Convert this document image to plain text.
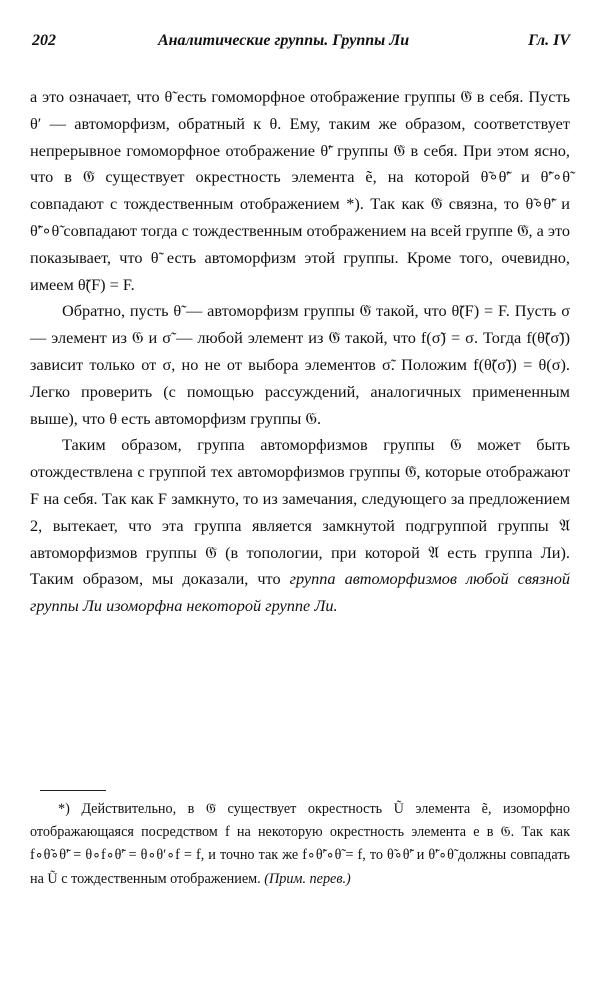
202	Аналитические группы. Группы Ли	Гл. IV

а это означает, что θ̃ есть гомоморфное отображение группы 𝔊̃ в себя. Пусть θ′ — автоморфизм, обратный к θ. Ему, таким же образом, соответствует непрерывное гомоморфное отображение θ̃′ группы 𝔊̃ в себя. При этом ясно, что в 𝔊̃ существует окрестность элемента ẽ, на которой θ̃∘θ̃′ и θ̃′∘θ̃ совпадают с тождественным отображением *). Так как 𝔊̃ связна, то θ̃∘θ̃′ и θ̃′∘θ̃ совпадают тогда с тождественным отображением на всей группе 𝔊̃, а это показывает, что θ̃ есть автоморфизм этой группы. Кроме того, очевидно, имеем θ̃(F) = F.

Обратно, пусть θ̃ — автоморфизм группы 𝔊̃ такой, что θ̃(F) = F. Пусть σ — элемент из 𝔊 и σ̃ — любой элемент из 𝔊̃ такой, что f(σ̃) = σ. Тогда f(θ̃(σ̃)) зависит только от σ, но не от выбора элементов σ̃. Положим f(θ̃(σ̃)) = θ(σ). Легко проверить (с помощью рассуждений, аналогичных примененным выше), что θ есть автоморфизм группы 𝔊.

Таким образом, группа автоморфизмов группы 𝔊 может быть отождествлена с группой тех автоморфизмов группы 𝔊̃, которые отображают F на себя. Так как F замкнуто, то из замечания, следующего за предложением 2, вытекает, что эта группа является замкнутой подгруппой группы 𝔄 автоморфизмов группы 𝔊̃ (в топологии, при которой 𝔄 есть группа Ли). Таким образом, мы доказали, что группа автоморфизмов любой связной группы Ли изоморфна некоторой группе Ли.

*) Действительно, в 𝔊̃ существует окрестность Ũ элемента ẽ, изоморфно отображающаяся посредством f на некоторую окрестность элемента e в 𝔊. Так как f∘θ̃∘θ̃′ = θ∘f∘θ̃′ = θ∘θ′∘f = f, и точно так же f∘θ̃′∘θ̃ = f, то θ̃∘θ̃′ и θ̃′∘θ̃ должны совпадать на Ũ с тождественным отображением. (Прим. перев.)
